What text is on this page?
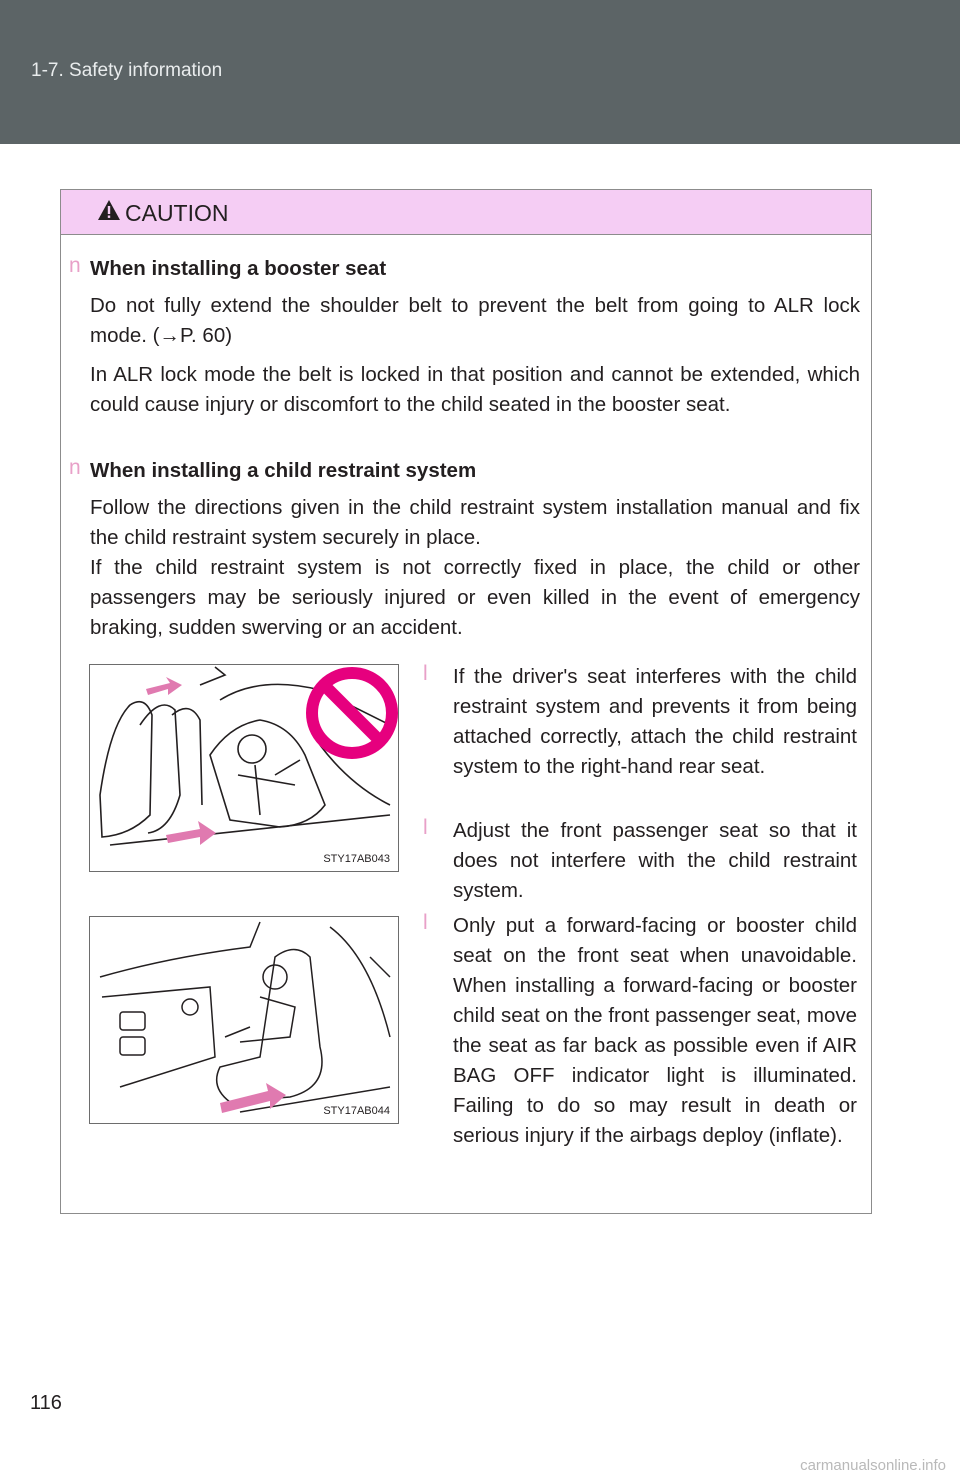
1-7. Safety information
CAUTION
n When installing a booster seat
Do not fully extend the shoulder belt to prevent the belt from going to ALR lock mode. (→P. 60)
In ALR lock mode the belt is locked in that position and cannot be extended, which could cause injury or discomfort to the child seated in the booster seat.
n When installing a child restraint system
Follow the directions given in the child restraint system installation manual and fix the child restraint system securely in place.
If the child restraint system is not correctly fixed in place, the child or other passengers may be seriously injured or even killed in the event of emergency braking, sudden swerving or an accident.
STY17AB043
STY17AB044
l If the driver's seat interferes with the child restraint system and prevents it from being attached correctly, attach the child restraint system to the right-hand rear seat.
l Adjust the front passenger seat so that it does not interfere with the child restraint system.
l Only put a forward-facing or booster child seat on the front seat when unavoidable. When installing a forward-facing or booster child seat on the front passenger seat, move the seat as far back as possible even if AIR BAG OFF indicator light is illuminated. Failing to do so may result in death or serious injury if the airbags deploy (inflate).
116
carmanualsonline.info
